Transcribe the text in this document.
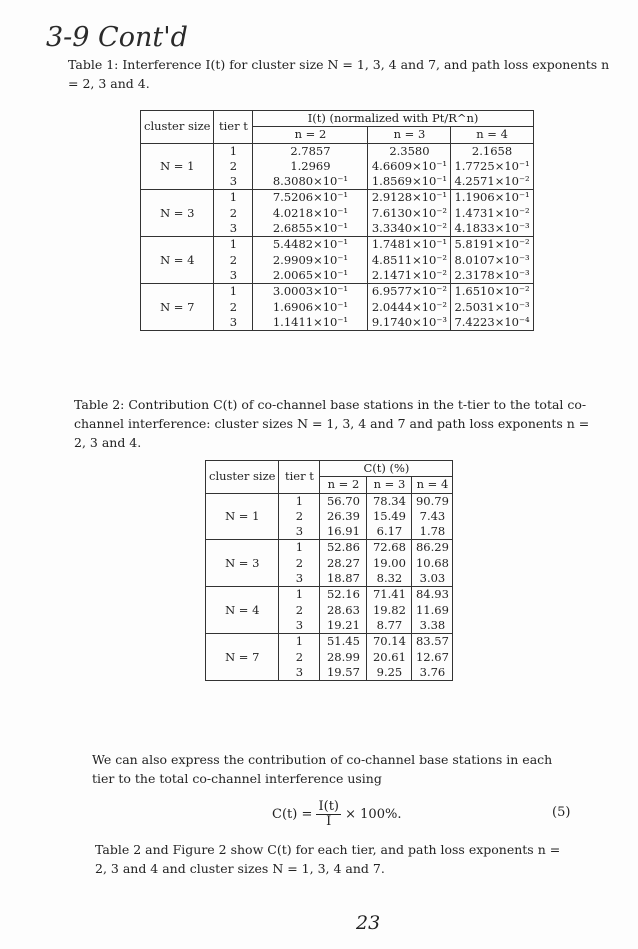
3-9 Cont'd
Table 1: Interference I(t) for cluster size N = 1, 3, 4 and 7, and path loss exponents n = 2, 3 and 4.
cluster size	tier t	I(t) (normalized with Pt/R^n)		
		n = 2	n = 3	n = 4
N = 1	1	2.7857	2.3580	2.1658
	2	1.2969	4.6609×10⁻¹	1.7725×10⁻¹
	3	8.3080×10⁻¹	1.8569×10⁻¹	4.2571×10⁻²
N = 3	1	7.5206×10⁻¹	2.9128×10⁻¹	1.1906×10⁻¹
	2	4.0218×10⁻¹	7.6130×10⁻²	1.4731×10⁻²
	3	2.6855×10⁻¹	3.3340×10⁻²	4.1833×10⁻³
N = 4	1	5.4482×10⁻¹	1.7481×10⁻¹	5.8191×10⁻²
	2	2.9909×10⁻¹	4.8511×10⁻²	8.0107×10⁻³
	3	2.0065×10⁻¹	2.1471×10⁻²	2.3178×10⁻³
N = 7	1	3.0003×10⁻¹	6.9577×10⁻²	1.6510×10⁻²
	2	1.6906×10⁻¹	2.0444×10⁻²	2.5031×10⁻³
	3	1.1411×10⁻¹	9.1740×10⁻³	7.4223×10⁻⁴
Table 2: Contribution C(t) of co-channel base stations in the t-tier to the total co-channel interference: cluster sizes N = 1, 3, 4 and 7 and path loss exponents n = 2, 3 and 4.
cluster size	tier t	C(t) (%)		
		n = 2	n = 3	n = 4
N = 1	1	56.70	78.34	90.79
	2	26.39	15.49	7.43
	3	16.91	6.17	1.78
N = 3	1	52.86	72.68	86.29
	2	28.27	19.00	10.68
	3	18.87	8.32	3.03
N = 4	1	52.16	71.41	84.93
	2	28.63	19.82	11.69
	3	19.21	8.77	3.38
N = 7	1	51.45	70.14	83.57
	2	28.99	20.61	12.67
	3	19.57	9.25	3.76
We can also express the contribution of co-channel base stations in each tier to the total co-channel interference using
$C(t) = \frac{I(t)}{I} \times 100\%$.	(5)
Table 2 and Figure 2 show C(t) for each tier, and path loss exponents n = 2, 3 and 4 and cluster sizes N = 1, 3, 4 and 7.
23
